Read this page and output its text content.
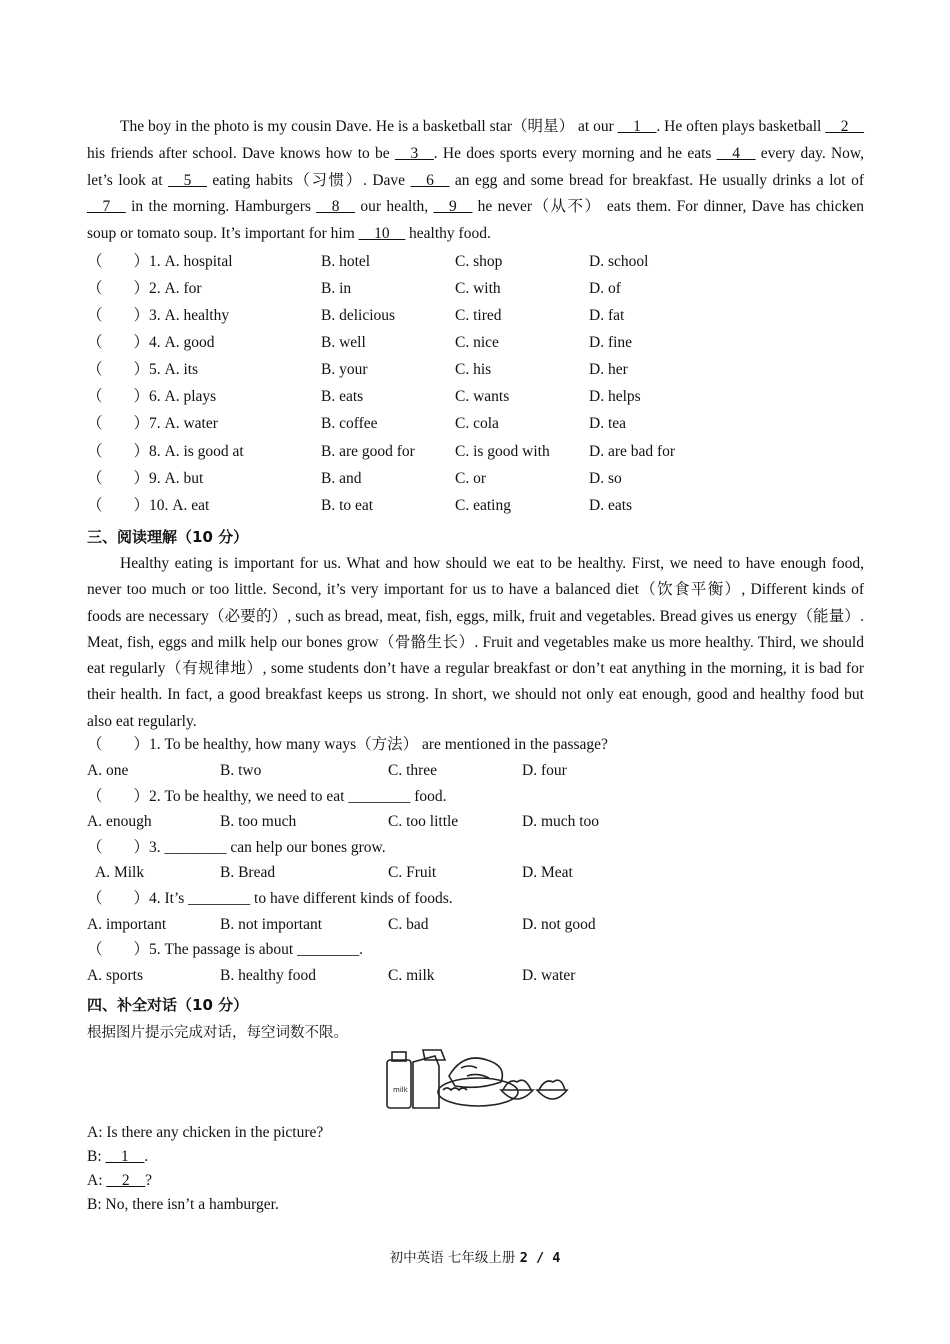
The boy in the photo is my cousin Dave. He is a basketball star（明星） at our __1__. He often plays basketball __2__ his friends after school. Dave knows how to be __3__. He does sports every morning and he eats __4__ every day. Now, let’s look at __5__ eating habits（习惯）. Dave __6__ an egg and some bread for breakfast. He usually drinks a lot of __7__ in the morning. Hamburgers __8__ our health, __9__ he never（从不） eats them. For dinner, Dave has chicken soup or tomato soup. It’s important for him __10__ healthy food.
（　　）1. A. hospital	B. hotel	C. shop	D. school
（　　）2. A. for	B. in	C. with	D. of
（　　）3. A. healthy	B. delicious	C. tired	D. fat
（　　）4. A. good	B. well	C. nice	D. fine
（　　）5. A. its	B. your	C. his	D. her
（　　）6. A. plays	B. eats	C. wants	D. helps
（　　）7. A. water	B. coffee	C. cola	D. tea
（　　）8. A. is good at	B. are good for	C. is good with	D. are bad for
（　　）9. A. but	B. and	C. or	D. so
（　　）10. A. eat	B. to eat	C. eating	D. eats
三、阅读理解（10 分）
Healthy eating is important for us. What and how should we eat to be healthy. First, we need to have enough food, never too much or too little. Second, it’s very important for us to have a balanced diet（饮食平衡）, Different kinds of foods are necessary（必要的）, such as bread, meat, fish, eggs, milk, fruit and vegetables. Bread gives us energy（能量）. Meat, fish, eggs and milk help our bones grow（骨骼生长）. Fruit and vegetables make us more healthy. Third, we should eat regularly（有规律地）, some students don’t have a regular breakfast or don’t eat anything in the morning, it is bad for their health. In fact, a good breakfast keeps us strong. In short, we should not only eat enough, good and healthy food but also eat regularly.
（　　）1. To be healthy, how many ways（方法） are mentioned in the passage?
A. one	B. two	C. three	D. four
（　　）2. To be healthy, we need to eat ________ food.
A. enough	B. too much	C. too little	D. much too
（　　）3. ________ can help our bones grow.
A. Milk	B. Bread	C. Fruit	D. Meat
（　　）4. It’s ________ to have different kinds of foods.
A. important	B. not important	C. bad	D. not good
（　　）5. The passage is about ________.
A. sports	B. healthy food	C. milk	D. water
四、补全对话（10 分）
根据图片提示完成对话，每空词数不限。
milk
A: Is there any chicken in the picture?
B: __1__.
A: __2__?
B: No, there isn’t a hamburger.
初中英语 七年级上册 2 / 4
